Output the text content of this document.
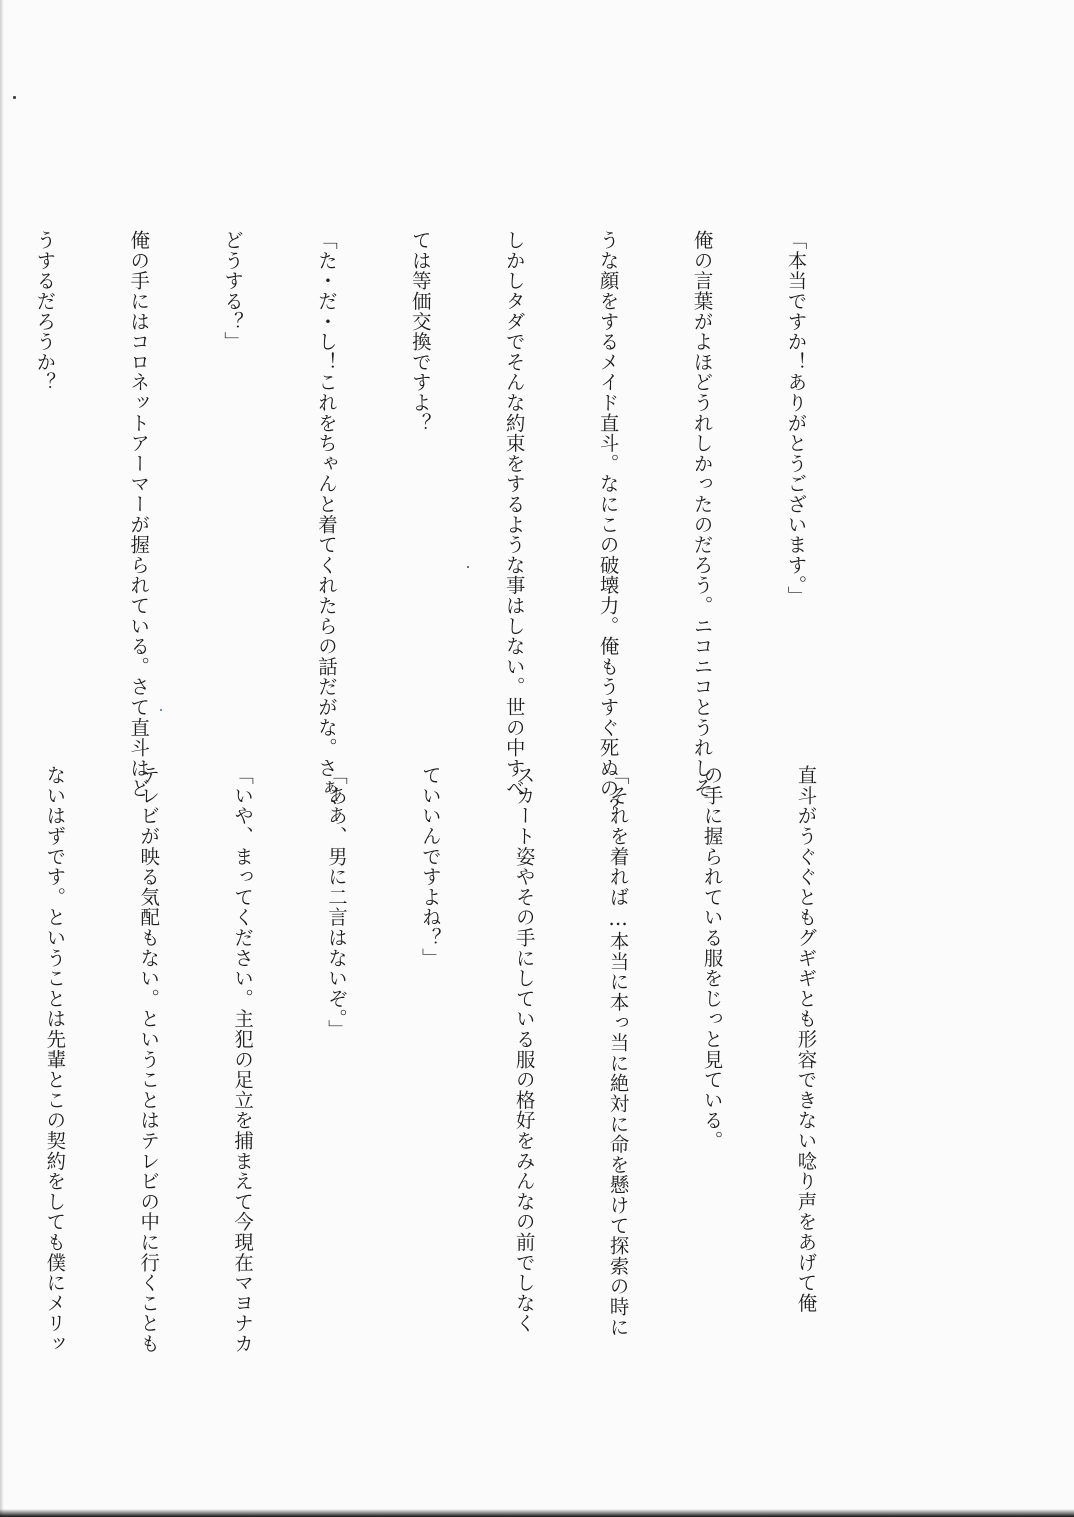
「本当ですか！ありがとうございます。」

俺の言葉がよほどうれしかったのだろう。ニコニコとうれしそ

うな顔をするメイド直斗。なにこの破壊力。俺もうすぐ死ぬの？

しかしタダでそんな約束をするような事はしない。世の中すべ

ては等価交換ですよ？

「た・だ・し！これをちゃんと着てくれたらの話だがな。さぁ、

どうする？」

俺の手にはコロネットアーマーが握られている。さて直斗はど

うするだろうか？

直斗がうぐぐともグギギとも形容できない唸り声をあげて俺

の手に握られている服をじっと見ている。

「それを着れば…本当に本っ当に絶対に命を懸けて探索の時に

スカート姿やその手にしている服の格好をみんなの前でしなく

ていいんですよね？」

「ああ、男に二言はないぞ。」

「いや、まってください。主犯の足立を捕まえて今現在マヨナカ

テレビが映る気配もない。ということはテレビの中に行くことも

ないはずです。ということは先輩とこの契約をしても僕にメリッ
